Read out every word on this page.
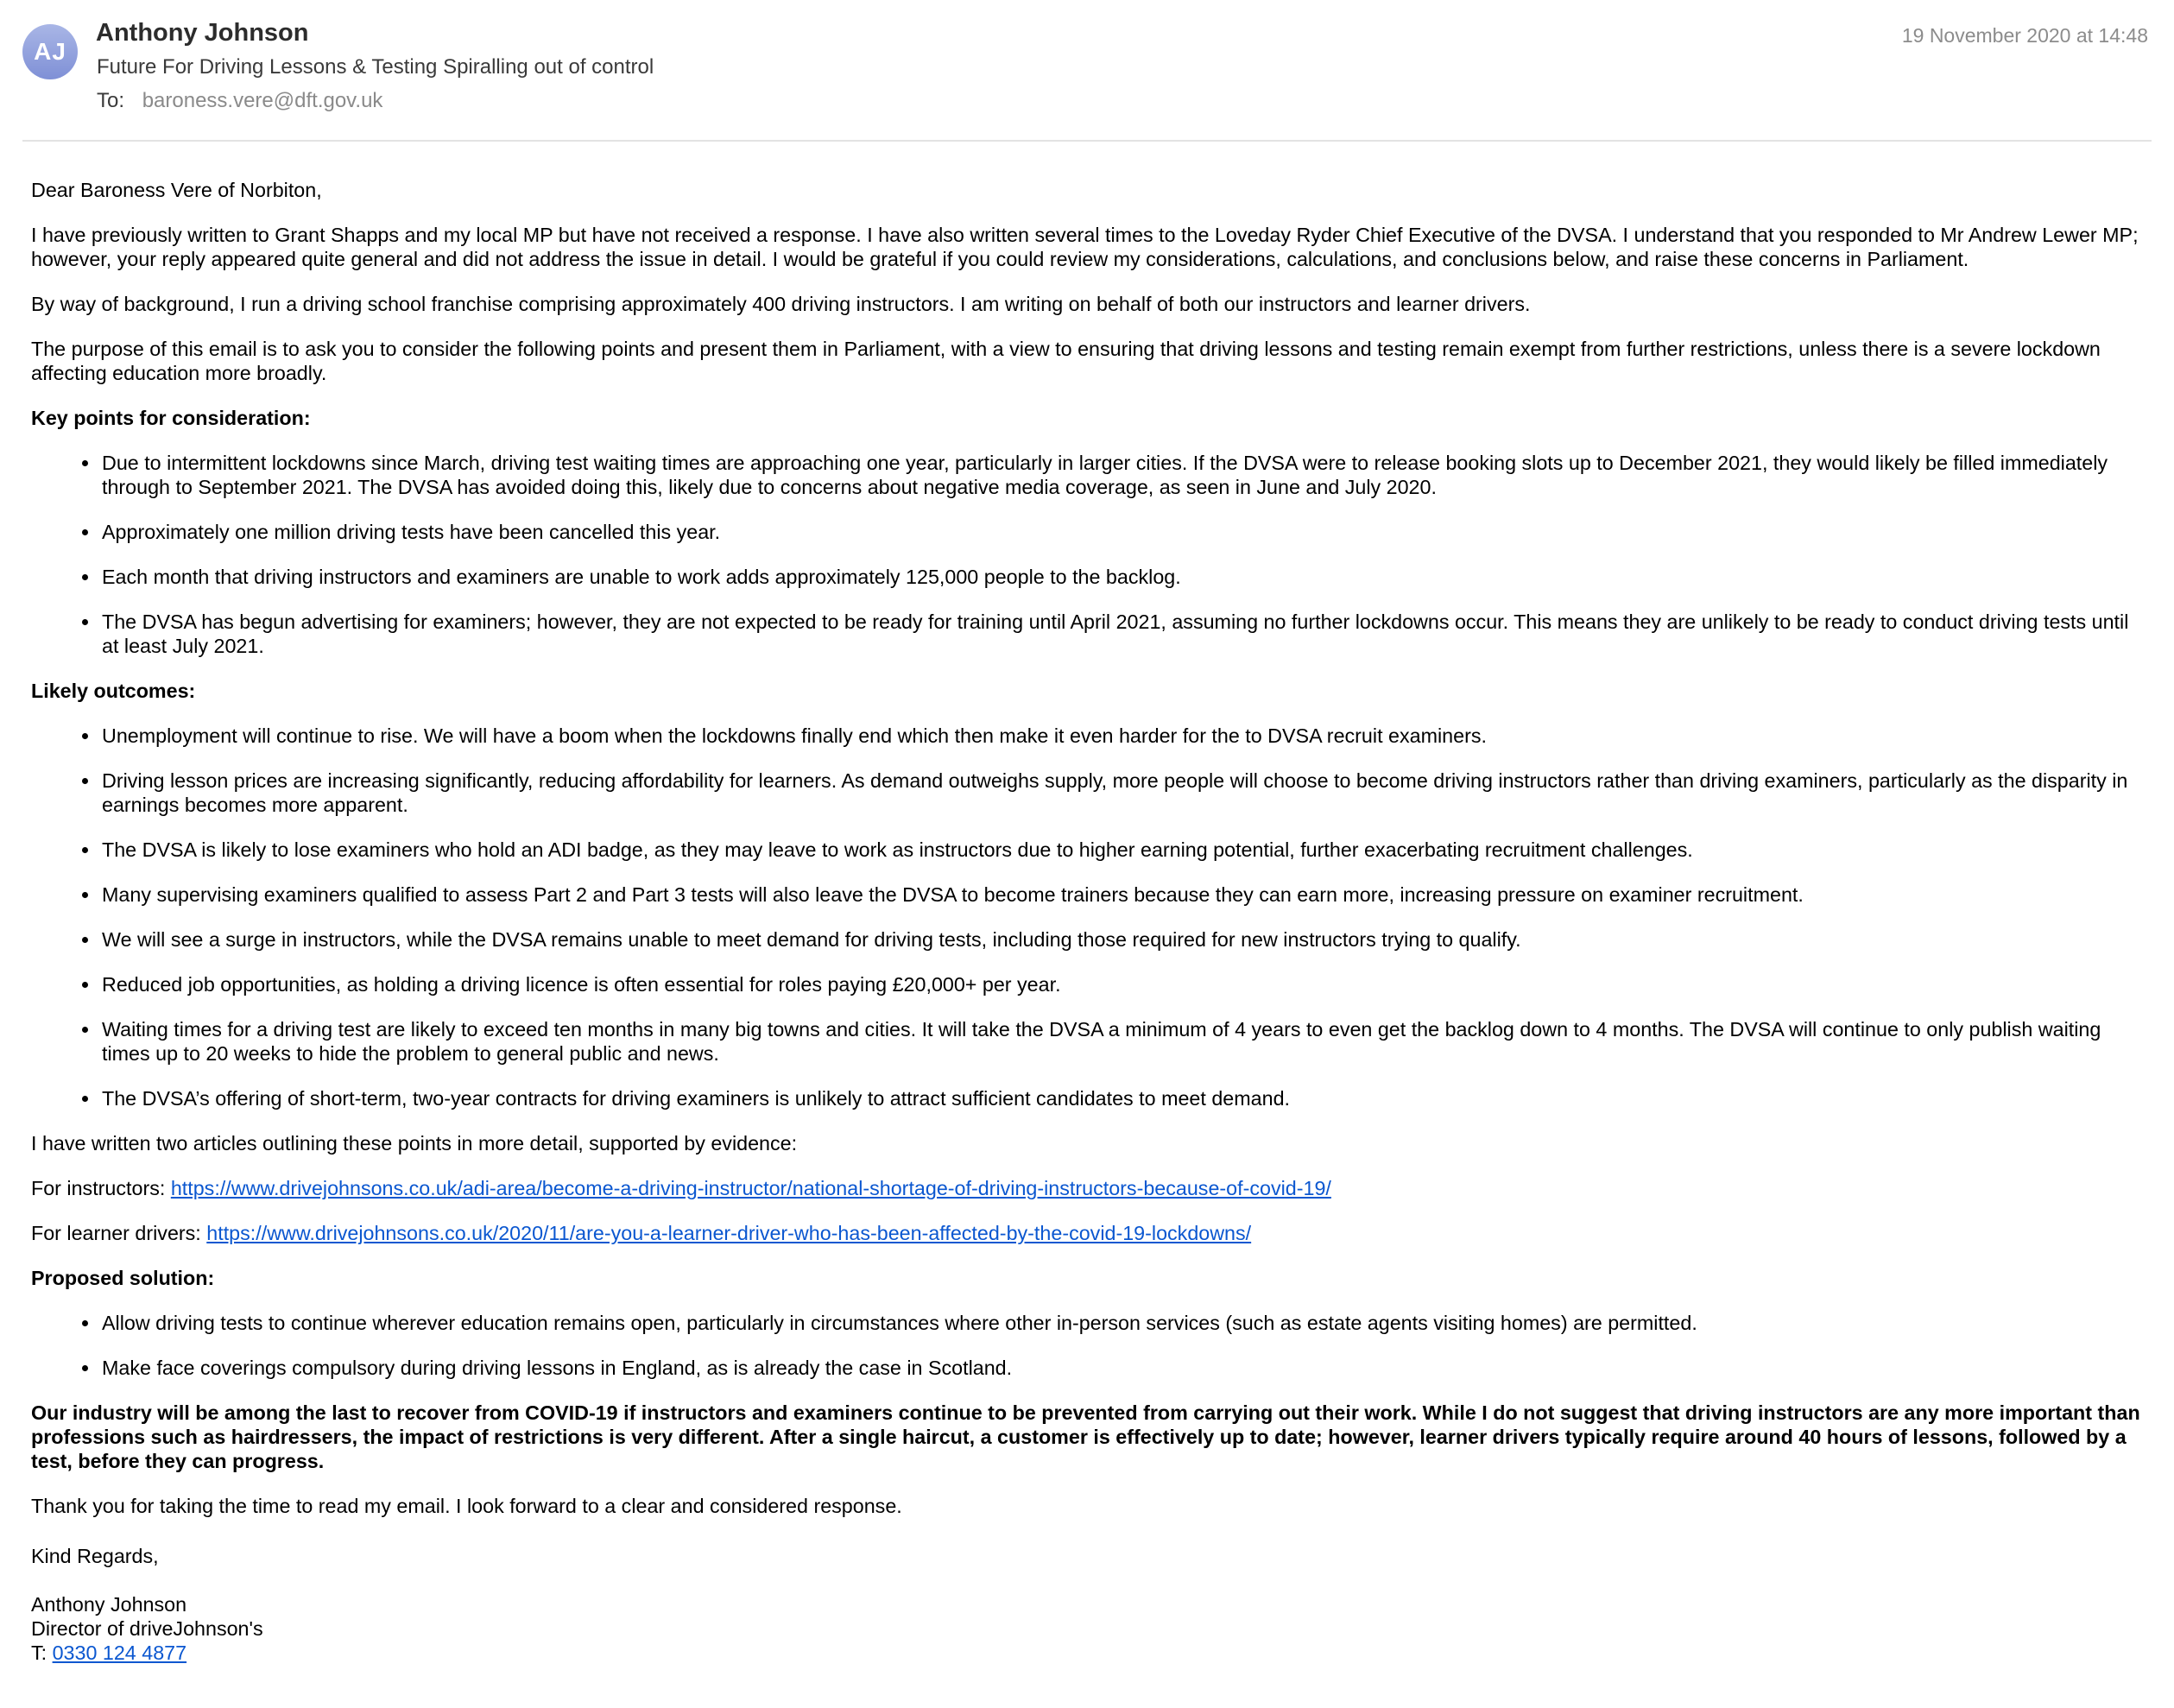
AJ
Anthony Johnson
Future For Driving Lessons & Testing Spiralling out of control
To: baroness.vere@dft.gov.uk
19 November 2020 at 14:48

Dear Baroness Vere of Norbiton,

I have previously written to Grant Shapps and my local MP but have not received a response. I have also written several times to the Loveday Ryder Chief Executive of the DVSA. I understand that you responded to Mr Andrew Lewer MP; however, your reply appeared quite general and did not address the issue in detail. I would be grateful if you could review my considerations, calculations, and conclusions below, and raise these concerns in Parliament.

By way of background, I run a driving school franchise comprising approximately 400 driving instructors. I am writing on behalf of both our instructors and learner drivers.

The purpose of this email is to ask you to consider the following points and present them in Parliament, with a view to ensuring that driving lessons and testing remain exempt from further restrictions, unless there is a severe lockdown affecting education more broadly.

Key points for consideration:

• Due to intermittent lockdowns since March, driving test waiting times are approaching one year, particularly in larger cities. If the DVSA were to release booking slots up to December 2021, they would likely be filled immediately through to September 2021. The DVSA has avoided doing this, likely due to concerns about negative media coverage, as seen in June and July 2020.
• Approximately one million driving tests have been cancelled this year.
• Each month that driving instructors and examiners are unable to work adds approximately 125,000 people to the backlog.
• The DVSA has begun advertising for examiners; however, they are not expected to be ready for training until April 2021, assuming no further lockdowns occur. This means they are unlikely to be ready to conduct driving tests until at least July 2021.

Likely outcomes:

• Unemployment will continue to rise. We will have a boom when the lockdowns finally end which then make it even harder for the to DVSA recruit examiners.
• Driving lesson prices are increasing significantly, reducing affordability for learners. As demand outweighs supply, more people will choose to become driving instructors rather than driving examiners, particularly as the disparity in earnings becomes more apparent.
• The DVSA is likely to lose examiners who hold an ADI badge, as they may leave to work as instructors due to higher earning potential, further exacerbating recruitment challenges.
• Many supervising examiners qualified to assess Part 2 and Part 3 tests will also leave the DVSA to become trainers because they can earn more, increasing pressure on examiner recruitment.
• We will see a surge in instructors, while the DVSA remains unable to meet demand for driving tests, including those required for new instructors trying to qualify.
• Reduced job opportunities, as holding a driving licence is often essential for roles paying £20,000+ per year.
• Waiting times for a driving test are likely to exceed ten months in many big towns and cities. It will take the DVSA a minimum of 4 years to even get the backlog down to 4 months. The DVSA will continue to only publish waiting times up to 20 weeks to hide the problem to general public and news.
• The DVSA’s offering of short-term, two-year contracts for driving examiners is unlikely to attract sufficient candidates to meet demand.

I have written two articles outlining these points in more detail, supported by evidence:

For instructors: https://www.drivejohnsons.co.uk/adi-area/become-a-driving-instructor/national-shortage-of-driving-instructors-because-of-covid-19/

For learner drivers: https://www.drivejohnsons.co.uk/2020/11/are-you-a-learner-driver-who-has-been-affected-by-the-covid-19-lockdowns/

Proposed solution:

• Allow driving tests to continue wherever education remains open, particularly in circumstances where other in-person services (such as estate agents visiting homes) are permitted.
• Make face coverings compulsory during driving lessons in England, as is already the case in Scotland.

Our industry will be among the last to recover from COVID-19 if instructors and examiners continue to be prevented from carrying out their work. While I do not suggest that driving instructors are any more important than professions such as hairdressers, the impact of restrictions is very different. After a single haircut, a customer is effectively up to date; however, learner drivers typically require around 40 hours of lessons, followed by a test, before they can progress.

Thank you for taking the time to read my email. I look forward to a clear and considered response.

Kind Regards,
Anthony Johnson
Director of driveJohnson's
T: 0330 124 4877
